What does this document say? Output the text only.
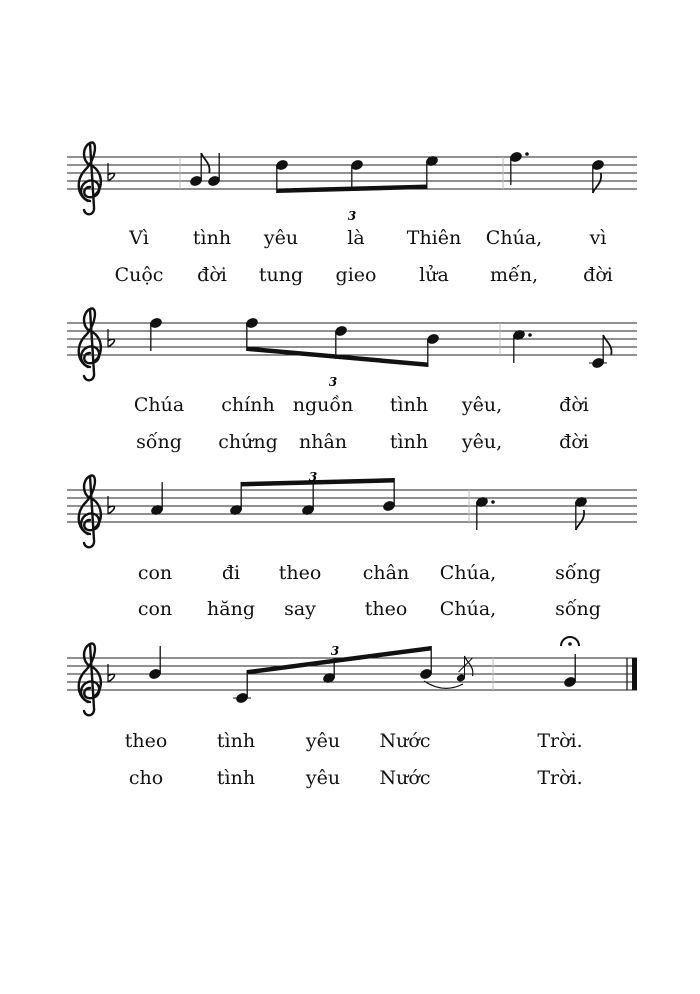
3
3
3
3
Vì tình yêu	là Thiên Chúa, vì
Cuộc đời tung gieo lửa mến, đời
Chúa chính nguồn tình yêu,	đời
sống chứng nhân tình yêu,	đời
con	đi theo chân Chúa,	sống
con hăng say	theo Chúa,	sống
theo	tình	yêu Nước	Trời.
cho	tình	yêu Nước	Trời.
